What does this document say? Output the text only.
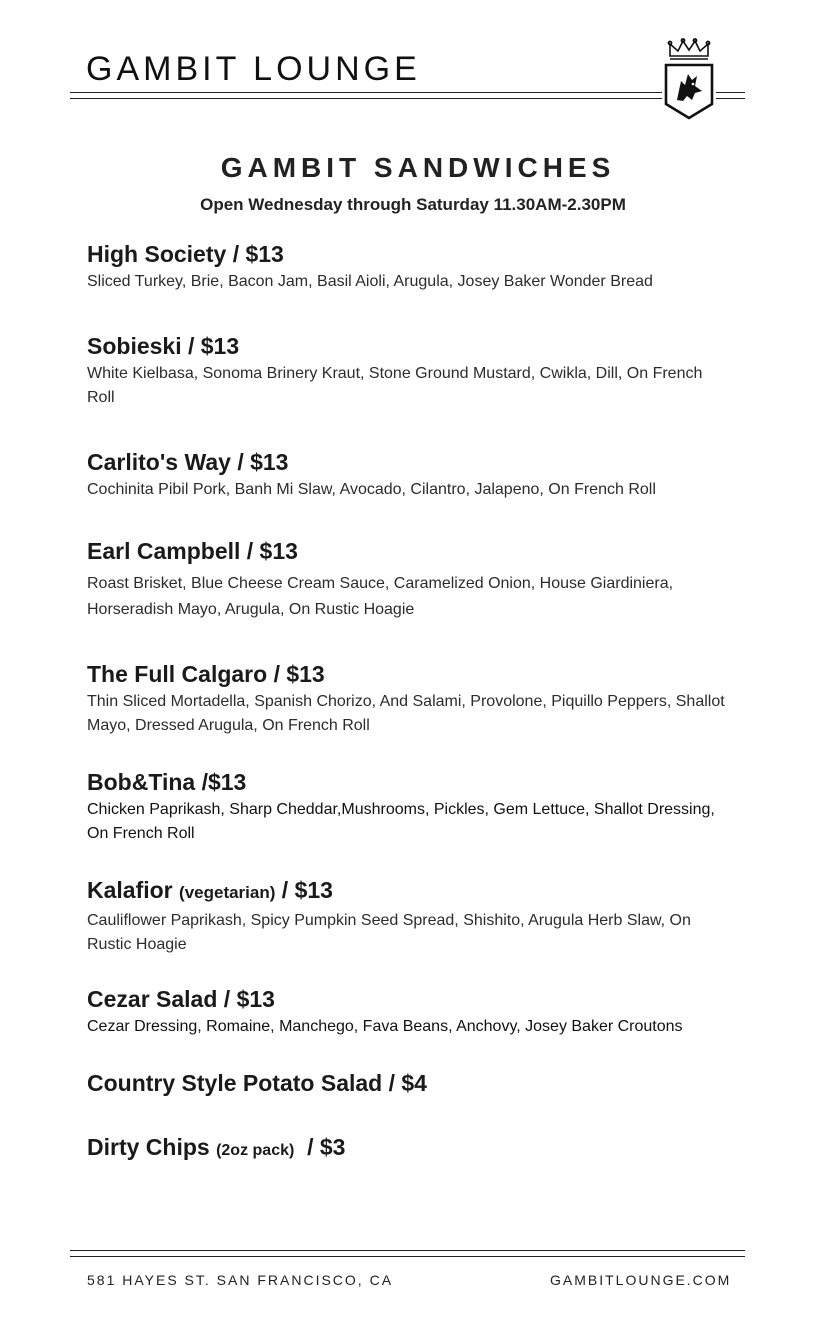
GAMBIT LOUNGE
GAMBIT SANDWICHES
Open Wednesday through Saturday 11.30AM-2.30PM
High Society / $13
Sliced Turkey, Brie, Bacon Jam, Basil Aioli, Arugula, Josey Baker Wonder Bread
Sobieski / $13
White Kielbasa, Sonoma Brinery Kraut, Stone Ground Mustard, Cwikla, Dill, On French Roll
Carlito's Way / $13
Cochinita Pibil Pork, Banh Mi Slaw, Avocado, Cilantro, Jalapeno, On French Roll
Earl Campbell / $13
Roast Brisket, Blue Cheese Cream Sauce, Caramelized Onion, House Giardiniera, Horseradish Mayo, Arugula, On Rustic Hoagie
The Full Calgaro / $13
Thin Sliced Mortadella, Spanish Chorizo, And Salami, Provolone, Piquillo Peppers, Shallot Mayo, Dressed Arugula, On French Roll
Bob&Tina /$13
Chicken Paprikash, Sharp Cheddar,Mushrooms, Pickles, Gem Lettuce, Shallot Dressing, On French Roll
Kalafior (vegetarian) / $13
Cauliflower Paprikash, Spicy Pumpkin Seed Spread, Shishito, Arugula Herb Slaw, On Rustic Hoagie
Cezar Salad / $13
Cezar Dressing, Romaine, Manchego, Fava Beans, Anchovy, Josey Baker Croutons
Country Style Potato Salad / $4
Dirty Chips (2oz pack) / $3
581 HAYES ST. SAN FRANCISCO, CA	GAMBITLOUNGE.COM
